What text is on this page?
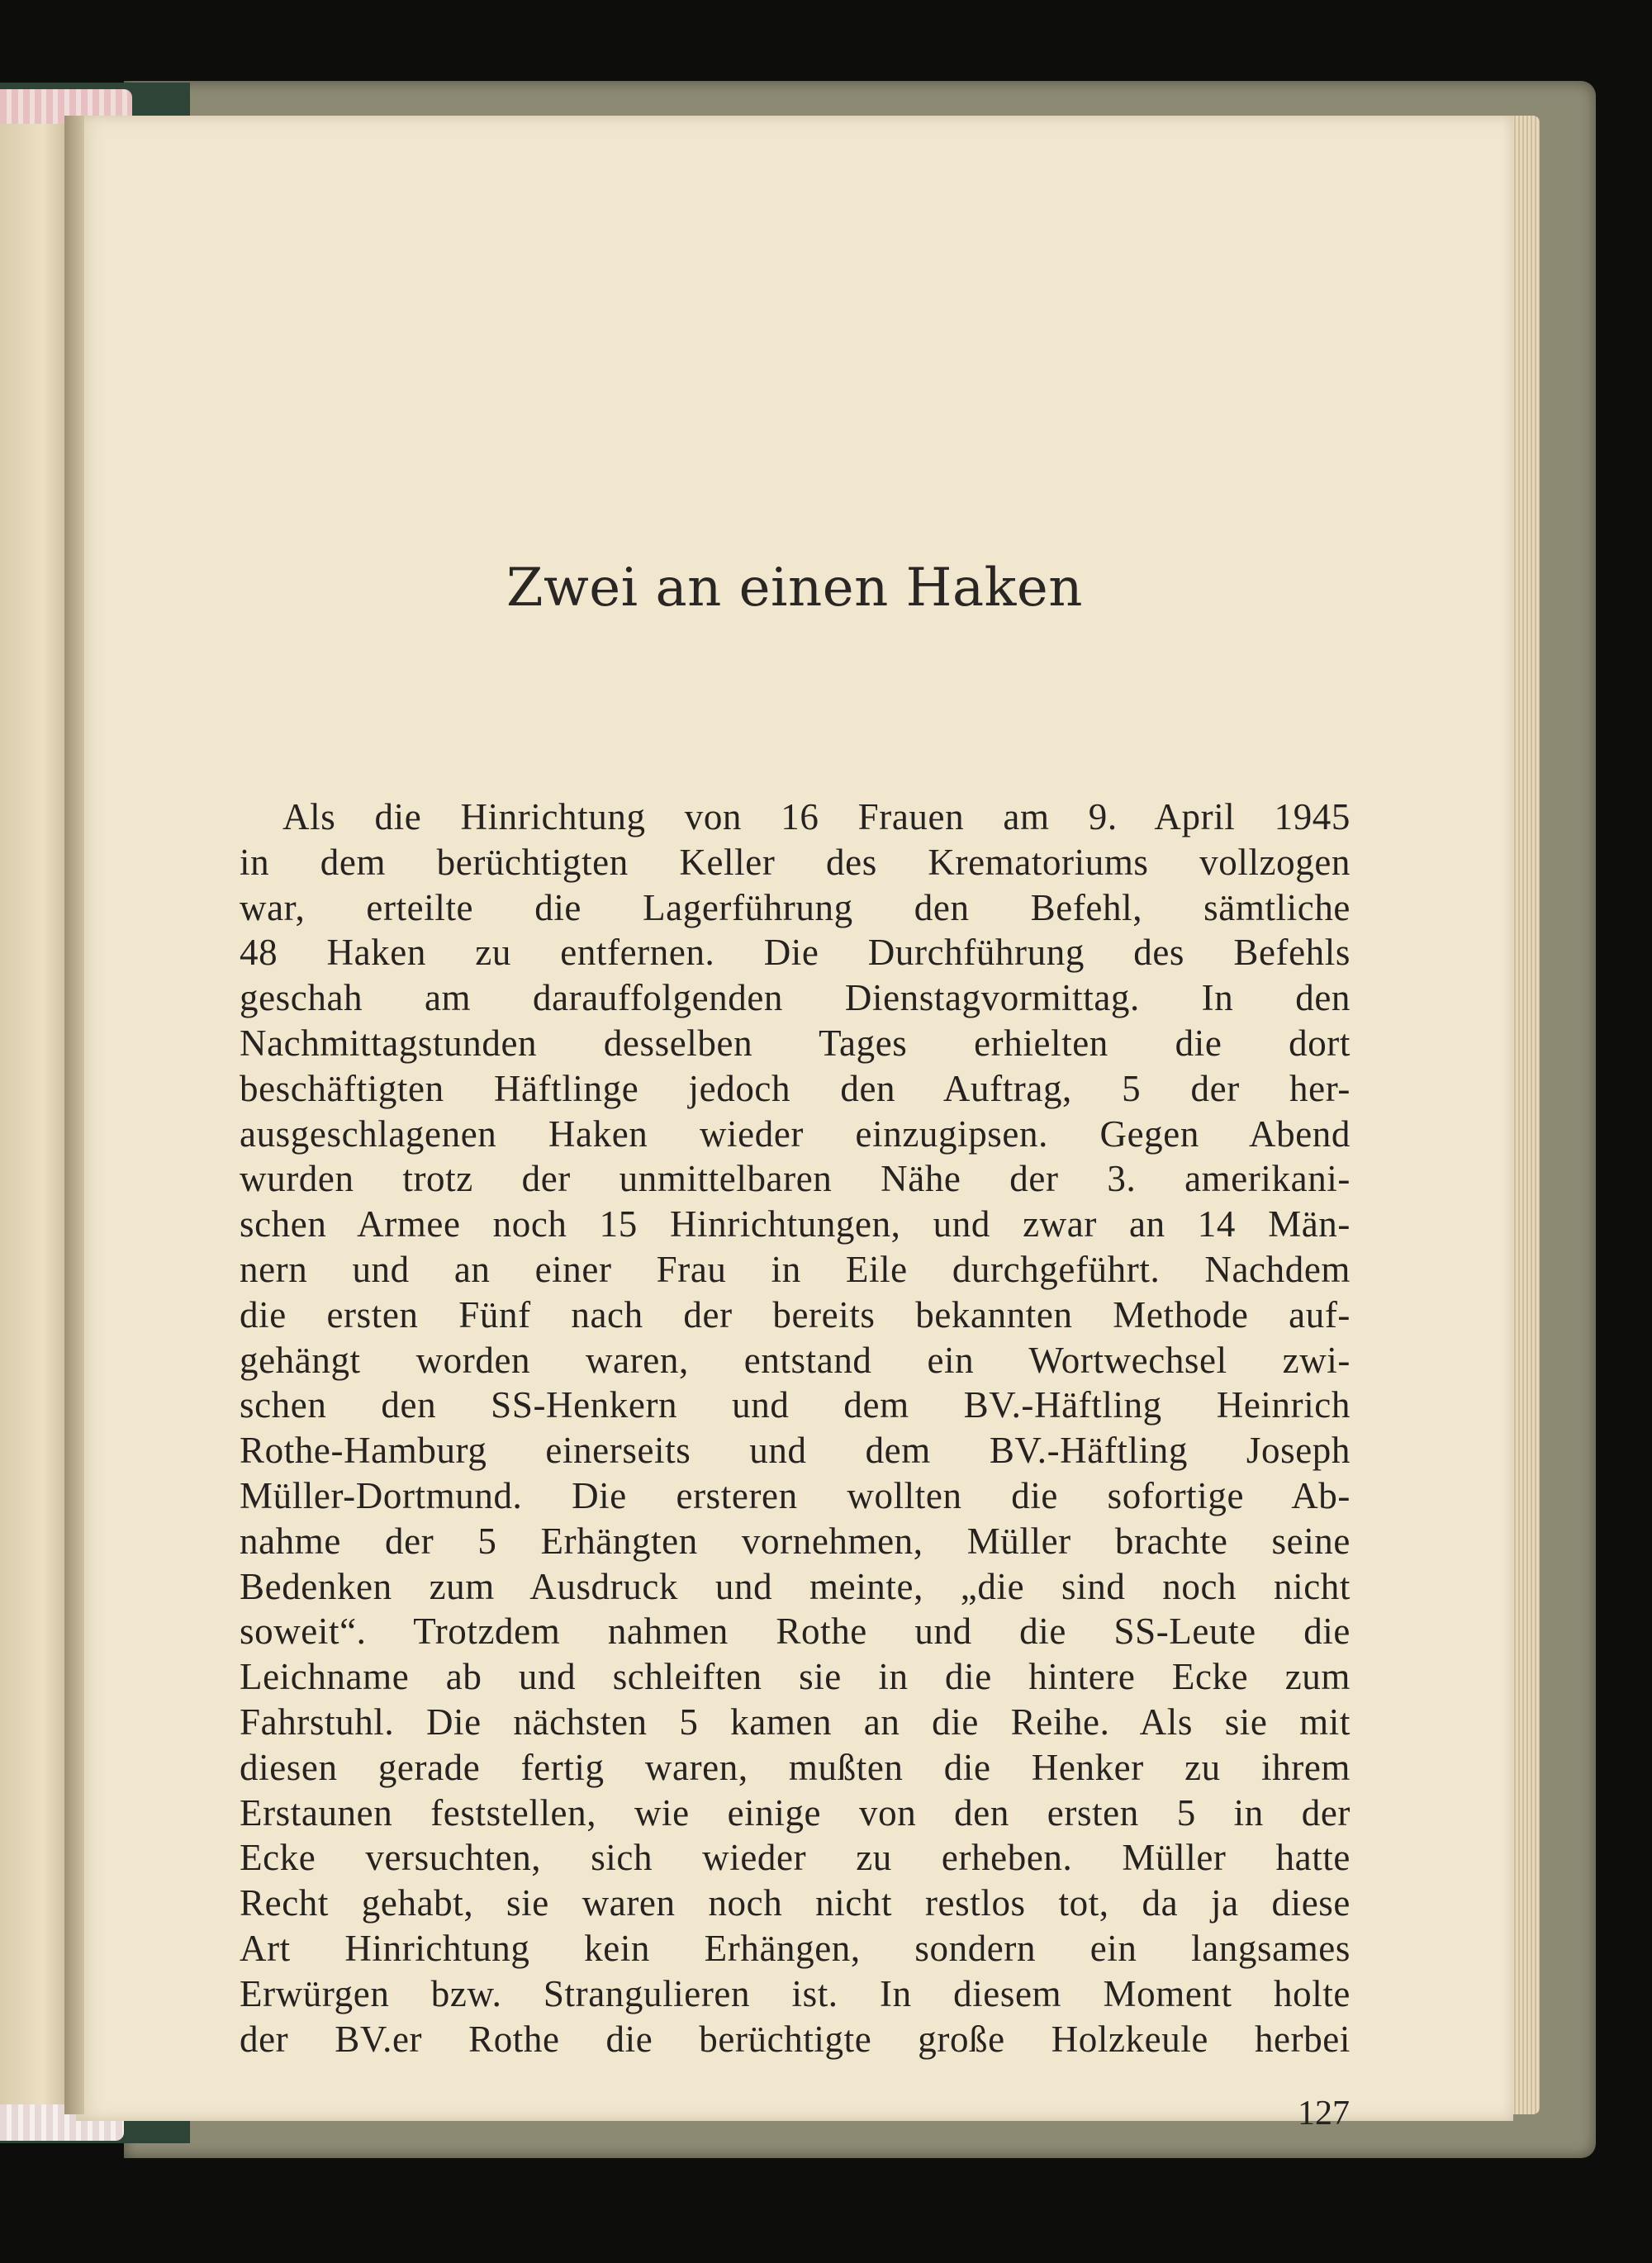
Zwei an einen Haken
Als die Hinrichtung von 16 Frauen am 9. April 1945
in dem berüchtigten Keller des Krematoriums vollzogen
war, erteilte die Lagerführung den Befehl, sämtliche
48 Haken zu entfernen. Die Durchführung des Befehls
geschah am darauffolgenden Dienstagvormittag. In den
Nachmittagstunden desselben Tages erhielten die dort
beschäftigten Häftlinge jedoch den Auftrag, 5 der her-
ausgeschlagenen Haken wieder einzugipsen. Gegen Abend
wurden trotz der unmittelbaren Nähe der 3. amerikani-
schen Armee noch 15 Hinrichtungen, und zwar an 14 Män-
nern und an einer Frau in Eile durchgeführt. Nachdem
die ersten Fünf nach der bereits bekannten Methode auf-
gehängt worden waren, entstand ein Wortwechsel zwi-
schen den SS-Henkern und dem BV.-Häftling Heinrich
Rothe-Hamburg einerseits und dem BV.-Häftling Joseph
Müller-Dortmund. Die ersteren wollten die sofortige Ab-
nahme der 5 Erhängten vornehmen, Müller brachte seine
Bedenken zum Ausdruck und meinte, „die sind noch nicht
soweit“. Trotzdem nahmen Rothe und die SS-Leute die
Leichname ab und schleiften sie in die hintere Ecke zum
Fahrstuhl. Die nächsten 5 kamen an die Reihe. Als sie mit
diesen gerade fertig waren, mußten die Henker zu ihrem
Erstaunen feststellen, wie einige von den ersten 5 in der
Ecke versuchten, sich wieder zu erheben. Müller hatte
Recht gehabt, sie waren noch nicht restlos tot, da ja diese
Art Hinrichtung kein Erhängen, sondern ein langsames
Erwürgen bzw. Strangulieren ist. In diesem Moment holte
der BV.er Rothe die berüchtigte große Holzkeule herbei
127
